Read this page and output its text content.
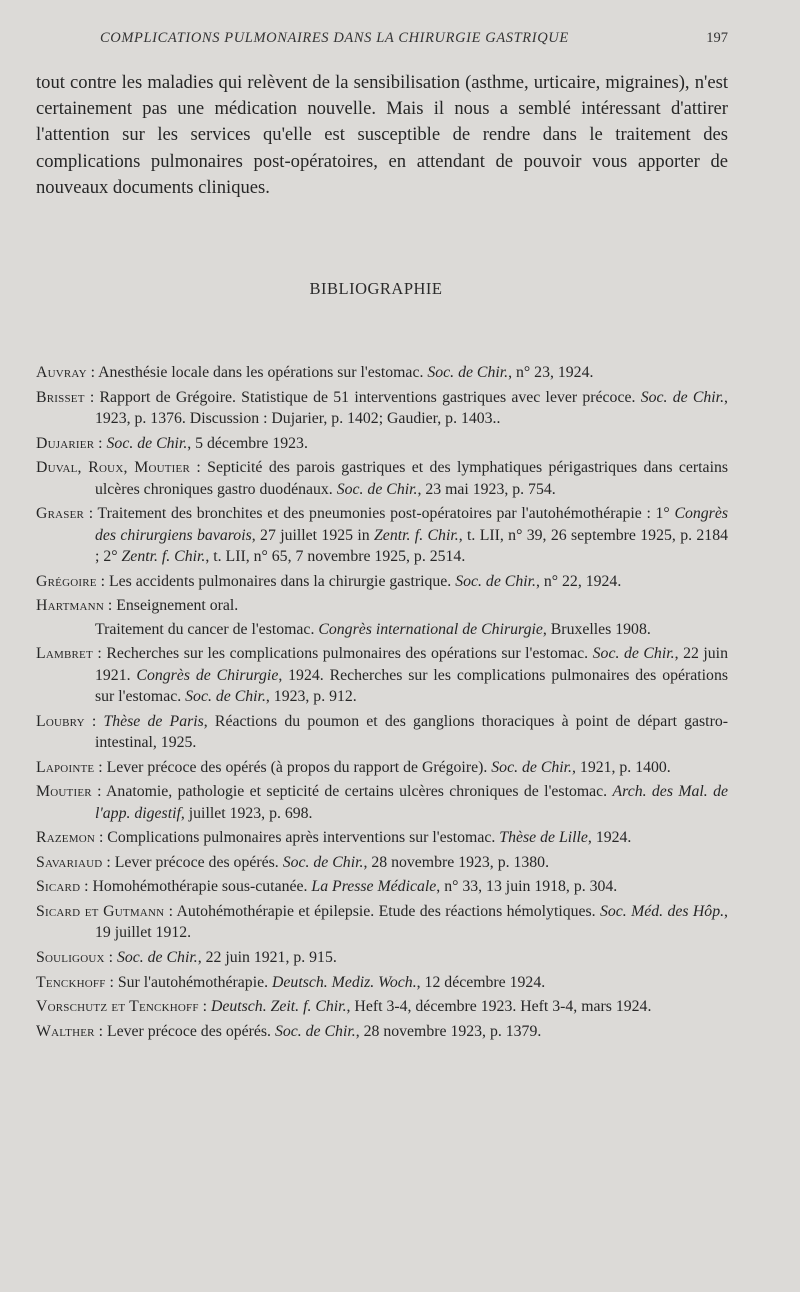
COMPLICATIONS PULMONAIRES DANS LA CHIRURGIE GASTRIQUE	197

tout contre les maladies qui relèvent de la sensibilisation (asthme, urticaire, migraines), n'est certainement pas une médication nouvelle. Mais il nous a semblé intéressant d'attirer l'attention sur les services qu'elle est susceptible de rendre dans le traitement des complications pulmonaires post-opératoires, en attendant de pouvoir vous apporter de nouveaux documents cliniques.

BIBLIOGRAPHIE

Auvray : Anesthésie locale dans les opérations sur l'estomac. Soc. de Chir., n° 23, 1924.

Brisset : Rapport de Grégoire. Statistique de 51 interventions gastriques avec lever précoce. Soc. de Chir., 1923, p. 1376. Discussion : Dujarier, p. 1402; Gaudier, p. 1403..

Dujarier : Soc. de Chir., 5 décembre 1923.

Duval, Roux, Moutier : Septicité des parois gastriques et des lymphatiques périgastriques dans certains ulcères chroniques gastro duodénaux. Soc. de Chir., 23 mai 1923, p. 754.

Graser : Traitement des bronchites et des pneumonies post-opératoires par l'autohémothérapie : 1° Congrès des chirurgiens bavarois, 27 juillet 1925 in Zentr. f. Chir., t. LII, n° 39, 26 septembre 1925, p. 2184 ; 2° Zentr. f. Chir., t. LII, n° 65, 7 novembre 1925, p. 2514.

Grégoire : Les accidents pulmonaires dans la chirurgie gastrique. Soc. de Chir., n° 22, 1924.

Hartmann : Enseignement oral.
Traitement du cancer de l'estomac. Congrès international de Chirurgie, Bruxelles 1908.

Lambret : Recherches sur les complications pulmonaires des opérations sur l'estomac. Soc. de Chir., 22 juin 1921. Congrès de Chirurgie, 1924. Recherches sur les complications pulmonaires des opérations sur l'estomac. Soc. de Chir., 1923, p. 912.

Loubry : Thèse de Paris, Réactions du poumon et des ganglions thoraciques à point de départ gastro-intestinal, 1925.

Lapointe : Lever précoce des opérés (à propos du rapport de Grégoire). Soc. de Chir., 1921, p. 1400.

Moutier : Anatomie, pathologie et septicité de certains ulcères chroniques de l'estomac. Arch. des Mal. de l'app. digestif, juillet 1923, p. 698.

Razemon : Complications pulmonaires après interventions sur l'estomac. Thèse de Lille, 1924.

Savariaud : Lever précoce des opérés. Soc. de Chir., 28 novembre 1923, p. 1380.

Sicard : Homohémothérapie sous-cutanée. La Presse Médicale, n° 33, 13 juin 1918, p. 304.

Sicard et Gutmann : Autohémothérapie et épilepsie. Etude des réactions hémolytiques. Soc. Méd. des Hôp., 19 juillet 1912.

Souligoux : Soc. de Chir., 22 juin 1921, p. 915.

Tenckhoff : Sur l'autohémothérapie. Deutsch. Mediz. Woch., 12 décembre 1924.

Vorschutz et Tenckhoff : Deutsch. Zeit. f. Chir., Heft 3-4, décembre 1923. Heft 3-4, mars 1924.

Walther : Lever précoce des opérés. Soc. de Chir., 28 novembre 1923, p. 1379.
